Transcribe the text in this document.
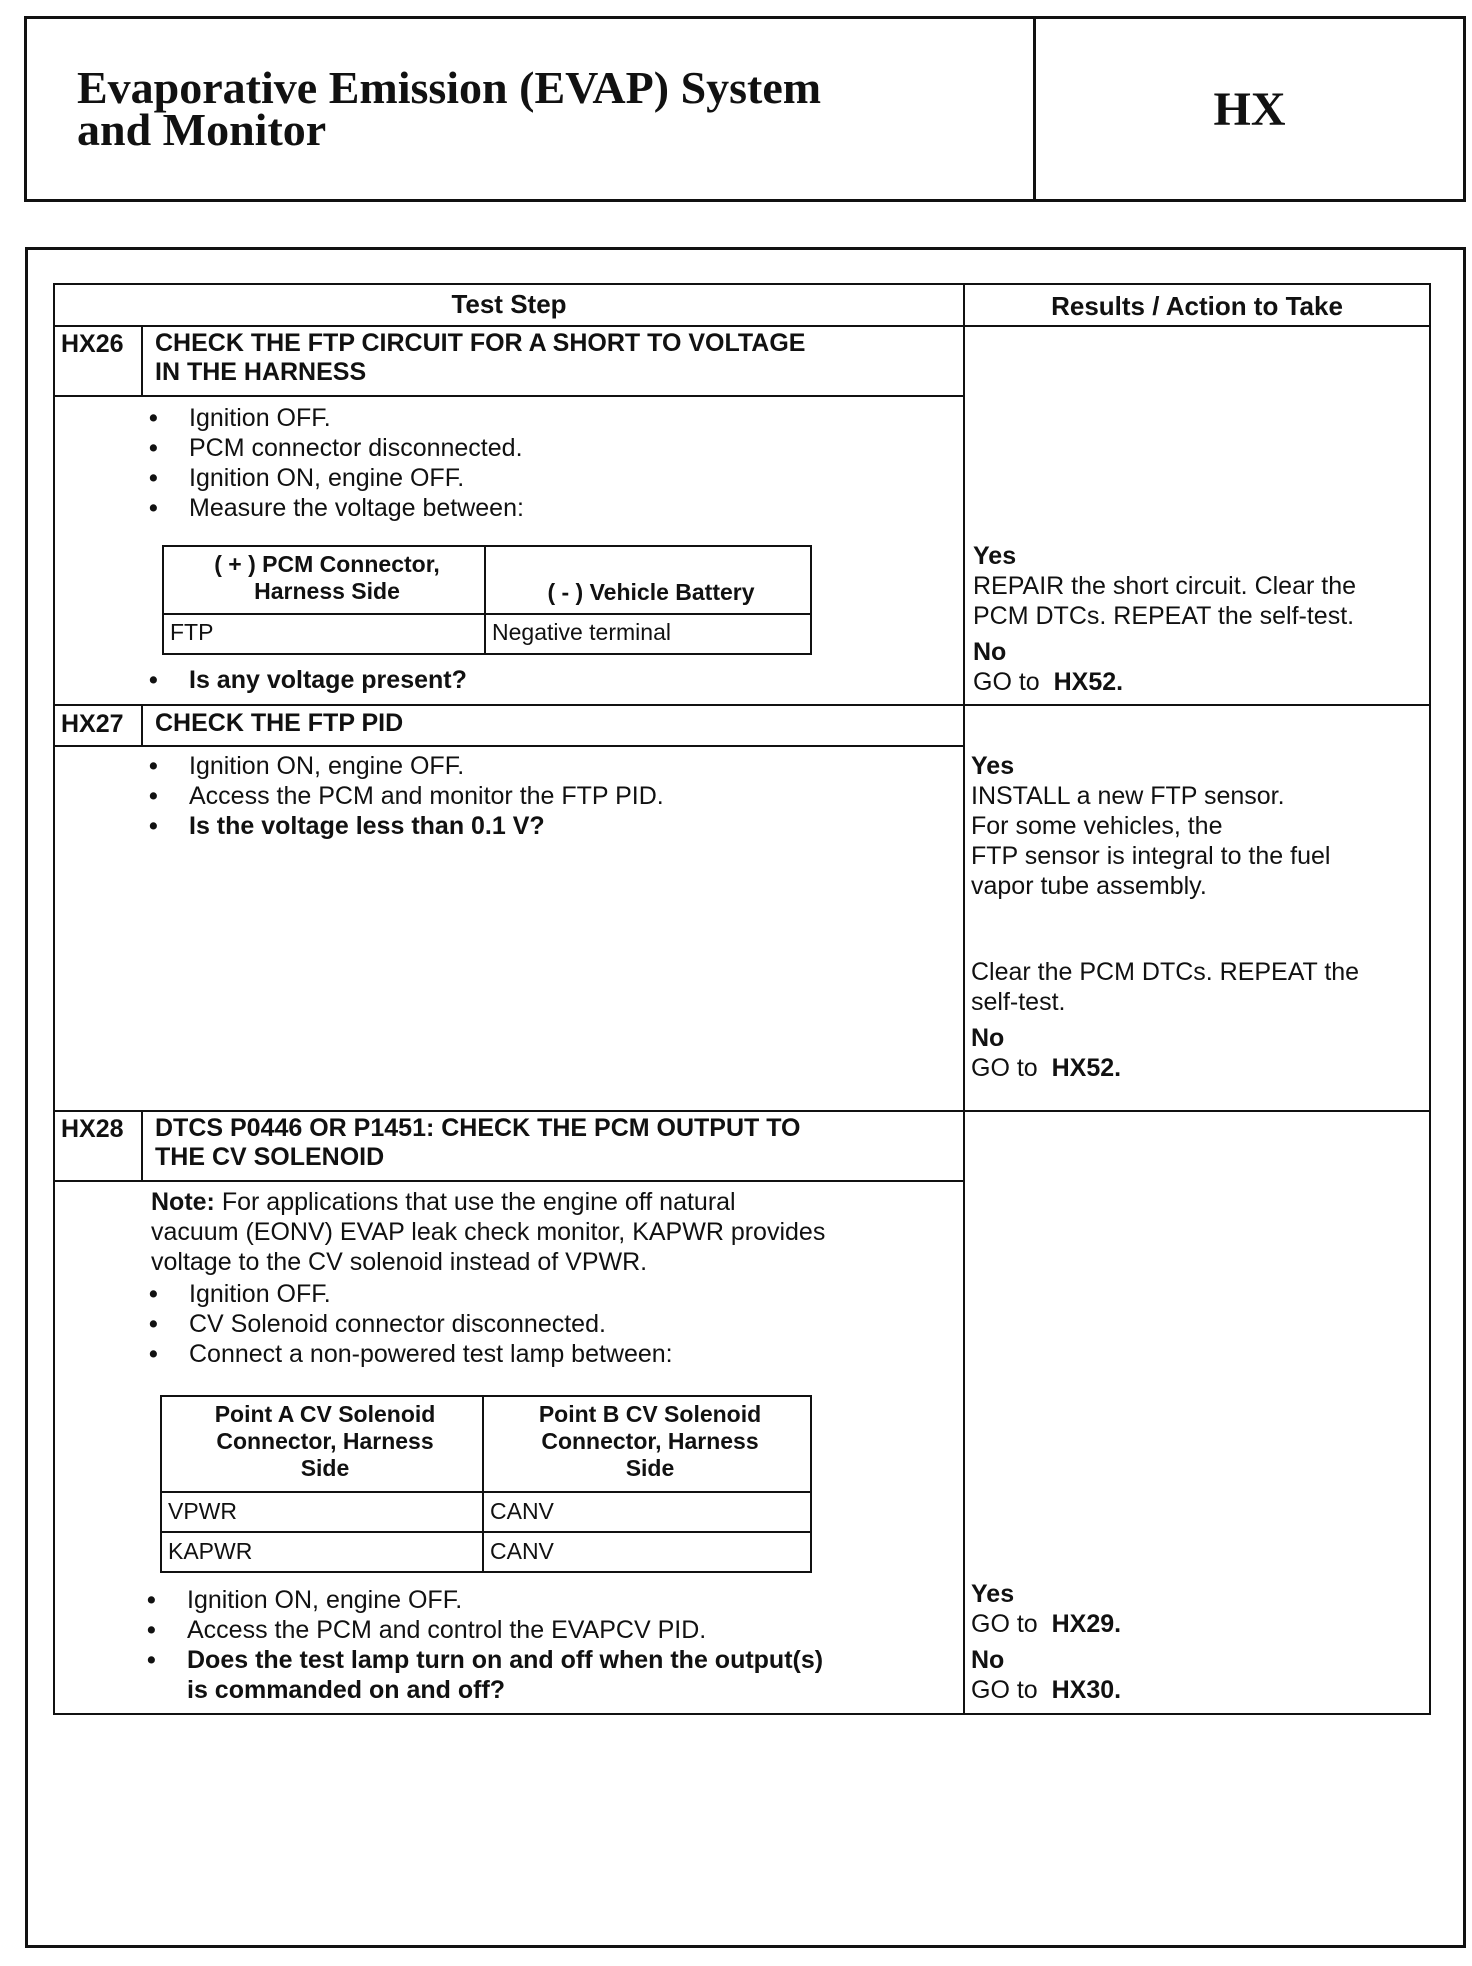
Evaporative Emission (EVAP) System
and Monitor	HX
Test Step	Results / Action to Take
HX26 CHECK THE FTP CIRCUIT FOR A SHORT TO VOLTAGE
IN THE HARNESS
• Ignition OFF.
• PCM connector disconnected.
• Ignition ON, engine OFF.
• Measure the voltage between:
( + ) PCM Connector,
Harness Side	( - ) Vehicle Battery
FTP	Negative terminal
• Is any voltage present?

Yes

REPAIR the short circuit. Clear the

PCM DTCs. REPEAT the self-test.

No

GO to HX52.

HX27 CHECK THE FTP PID
• Ignition ON, engine OFF.
• Access the PCM and monitor the FTP PID.
• Is the voltage less than 0.1 V?

Yes

INSTALL a new FTP sensor.

For some vehicles, the

FTP sensor is integral to the fuel

vapor tube assembly.

Clear the PCM DTCs. REPEAT the

self-test.

No

GO to HX52.

HX28 DTCS P0446 OR P1451: CHECK THE PCM OUTPUT TO
THE CV SOLENOID
Note: For applications that use the engine off natural
vacuum (EONV) EVAP leak check monitor, KAPWR provides
voltage to the CV solenoid instead of VPWR.
• Ignition OFF.
• CV Solenoid connector disconnected.
• Connect a non-powered test lamp between:
Point A CV Solenoid
Connector, Harness
Side
Point B CV Solenoid
Connector, Harness
Side
VPWR	CANV
KAPWR	CANV
• Ignition ON, engine OFF.
• Access the PCM and control the EVAPCV PID.
• Does the test lamp turn on and off when the output(s)
is commanded on and off?

Yes

GO to HX29.

No

GO to HX30.
